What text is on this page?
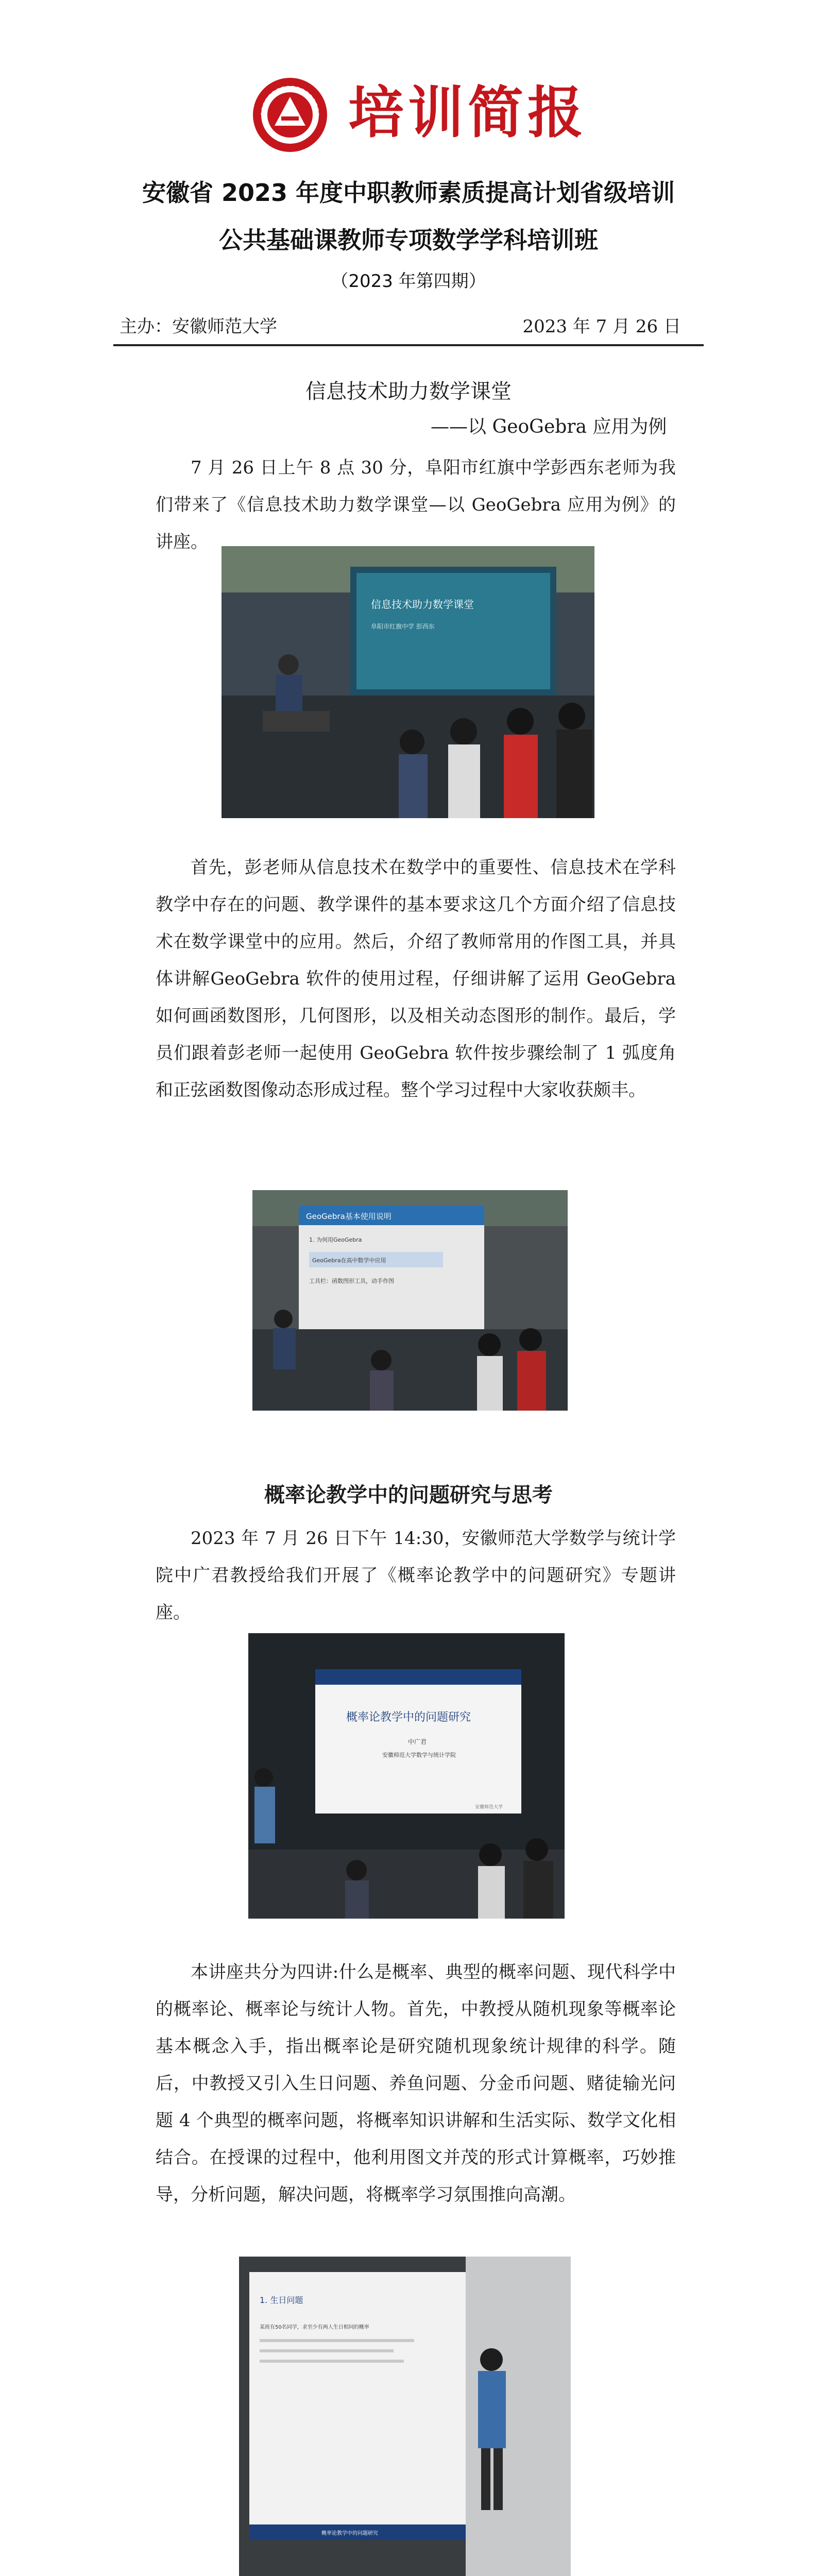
培训简报
安徽省 2023 年度中职教师素质提高计划省级培训
公共基础课教师专项数学学科培训班
（2023 年第四期）
主办：安徽师范大学	2023 年 7 月 26 日
信息技术助力数学课堂
——以 GeoGebra 应用为例
7 月 26 日上午 8 点 30 分，阜阳市红旗中学彭西东老师为我们带来了《信息技术助力数学课堂—以 GeoGebra 应用为例》的讲座。
信息技术助力数学课堂
阜阳市红旗中学 彭西东
首先，彭老师从信息技术在数学中的重要性、信息技术在学科教学中存在的问题、教学课件的基本要求这几个方面介绍了信息技术在数学课堂中的应用。然后，介绍了教师常用的作图工具，并具体讲解GeoGebra 软件的使用过程，仔细讲解了运用 GeoGebra 如何画函数图形，几何图形，以及相关动态图形的制作。最后，学员们跟着彭老师一起使用 GeoGebra 软件按步骤绘制了 1 弧度角和正弦函数图像动态形成过程。整个学习过程中大家收获颇丰。
GeoGebra基本使用说明
1. 为何用GeoGebra
GeoGebra在高中数学中应用
工具栏：函数图形工具，动手作图
概率论教学中的问题研究与思考
2023 年 7 月 26 日下午 14:30，安徽师范大学数学与统计学院中广君教授给我们开展了《概率论教学中的问题研究》专题讲座。
概率论教学中的问题研究
中广君
安徽师范大学数学与统计学院
安徽师范大学
本讲座共分为四讲:什么是概率、典型的概率问题、现代科学中的概率论、概率论与统计人物。首先，中教授从随机现象等概率论基本概念入手，指出概率论是研究随机现象统计规律的科学。随后，中教授又引入生日问题、养鱼问题、分金币问题、赌徒输光问题 4 个典型的概率问题，将概率知识讲解和生活实际、数学文化相结合。在授课的过程中，他利用图文并茂的形式计算概率，巧妙推导，分析问题，解决问题，将概率学习氛围推向高潮。
1. 生日问题
某班有50名同学，求至少有两人生日相同的概率
概率论教学中的问题研究
